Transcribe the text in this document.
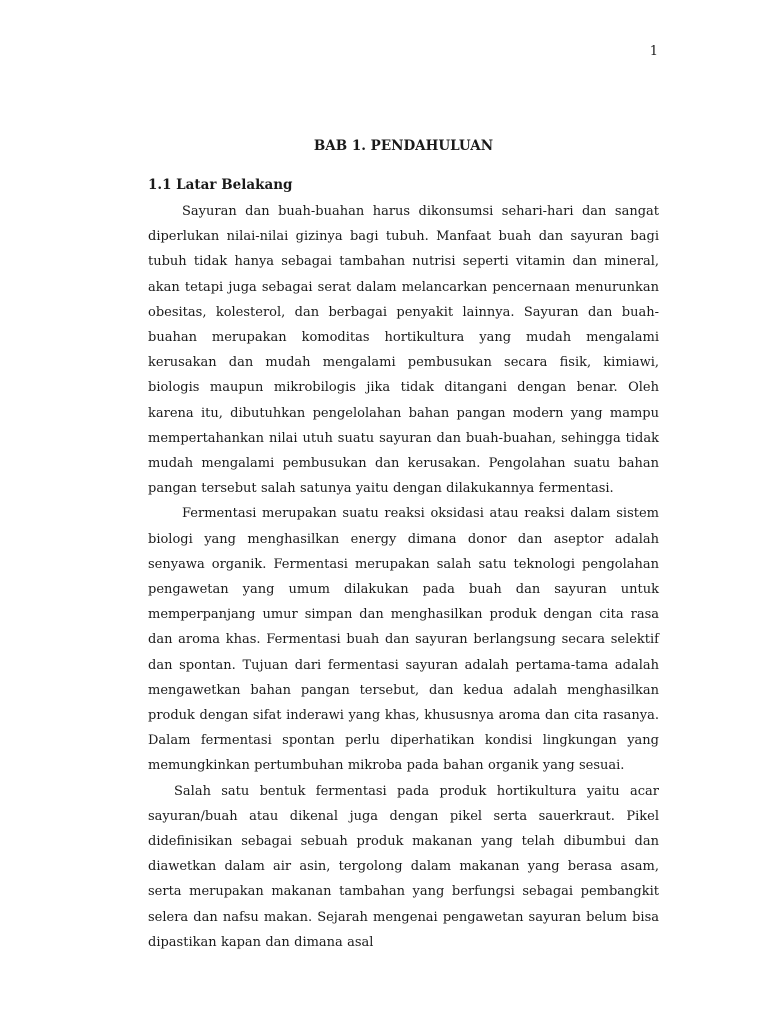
1
BAB 1. PENDAHULUAN
1.1 Latar Belakang

Sayuran dan buah-buahan harus dikonsumsi sehari-hari dan sangat diperlukan nilai-nilai gizinya bagi tubuh. Manfaat buah dan sayuran bagi tubuh tidak hanya sebagai tambahan nutrisi seperti vitamin dan mineral, akan tetapi juga sebagai serat dalam melancarkan pencernaan menurunkan obesitas, kolesterol, dan berbagai penyakit lainnya. Sayuran dan buah-buahan merupakan komoditas hortikultura yang mudah mengalami kerusakan dan mudah mengalami pembusukan secara fisik, kimiawi, biologis maupun mikrobilogis jika tidak ditangani dengan benar. Oleh karena itu, dibutuhkan pengelolahan bahan pangan modern yang mampu mempertahankan nilai utuh suatu sayuran dan buah-buahan, sehingga tidak mudah mengalami pembusukan dan kerusakan. Pengolahan suatu bahan pangan tersebut salah satunya yaitu dengan dilakukannya fermentasi.

Fermentasi merupakan suatu reaksi oksidasi atau reaksi dalam sistem biologi yang menghasilkan energy dimana donor dan aseptor adalah senyawa organik. Fermentasi merupakan salah satu teknologi pengolahan pengawetan yang umum dilakukan pada buah dan sayuran untuk memperpanjang umur simpan dan menghasilkan produk dengan cita rasa dan aroma khas. Fermentasi buah dan sayuran berlangsung secara selektif dan spontan. Tujuan dari fermentasi sayuran adalah pertama-tama adalah mengawetkan bahan pangan tersebut, dan kedua adalah menghasilkan produk dengan sifat inderawi yang khas, khususnya aroma dan cita rasanya. Dalam fermentasi spontan perlu diperhatikan kondisi lingkungan yang memungkinkan pertumbuhan mikroba pada bahan organik yang sesuai.

Salah satu bentuk fermentasi pada produk hortikultura yaitu acar sayuran/buah atau dikenal juga dengan pikel serta sauerkraut. Pikel didefinisikan sebagai sebuah produk makanan yang telah dibumbui dan diawetkan dalam air asin, tergolong dalam makanan yang berasa asam, serta merupakan makanan tambahan yang berfungsi sebagai pembangkit selera dan nafsu makan. Sejarah mengenai pengawetan sayuran belum bisa dipastikan kapan dan dimana asal
